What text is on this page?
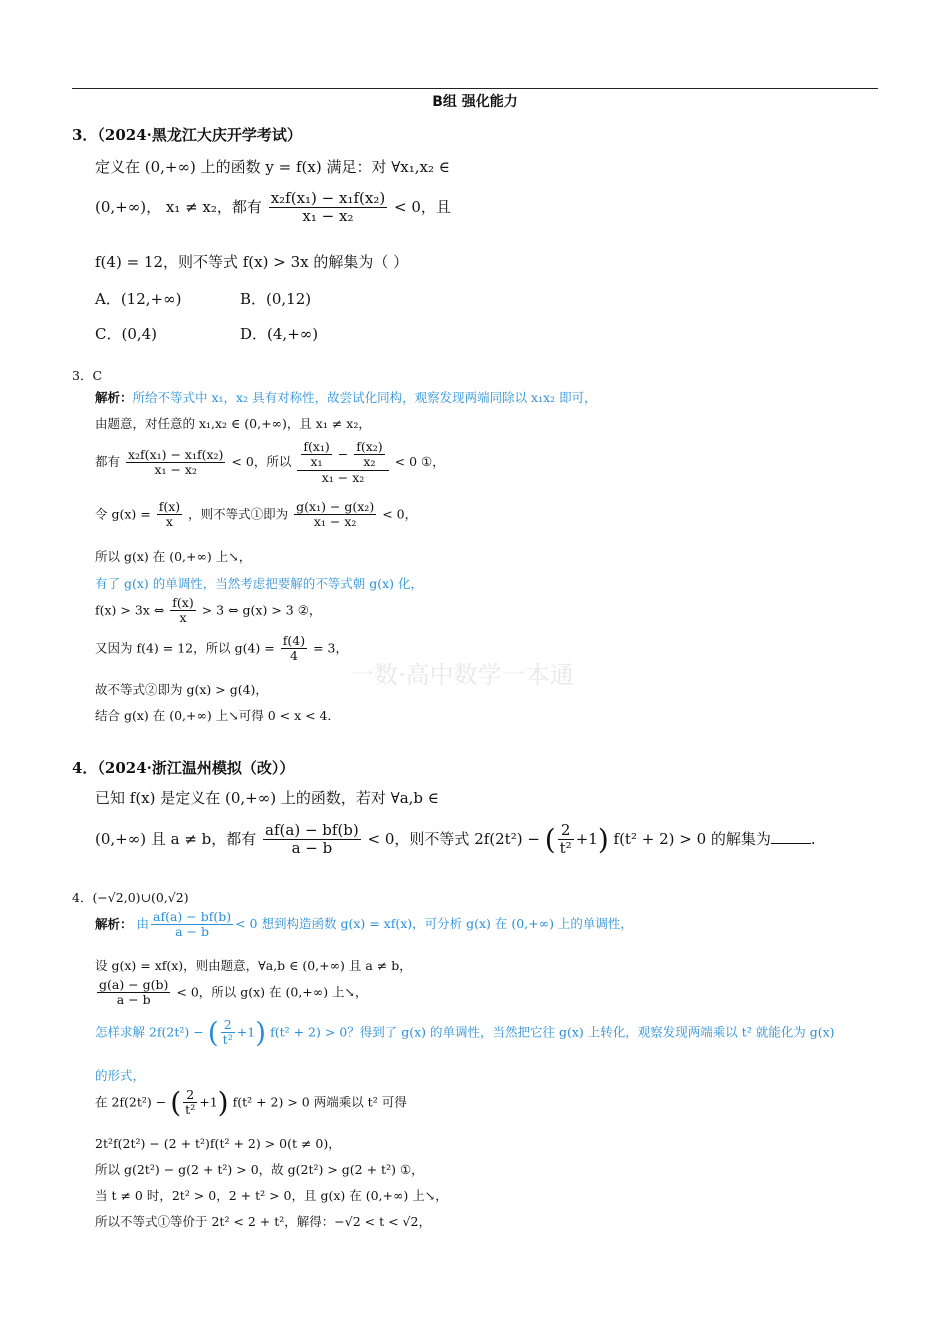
B组 强化能力
3．（2024·黑龙江大庆开学考试）
定义在 (0,+∞) 上的函数 y = f(x) 满足：对 ∀x₁,x₂ ∈
(0,+∞)， x₁ ≠ x₂，都有 $\frac{\text{x₂f(x₁) − x₁f(x₂)}}{\text{x₁ − x₂}} < 0$，且
f(4) = 12，则不等式 f(x) > 3x 的解集为（ ）
A．(12,+∞)	B．(0,12)
C．(0,4)	D．(4,+∞)
3．C
解析：所给不等式中 x₁，x₂ 具有对称性，故尝试化同构，观察发现两端同除以 x₁x₂ 即可，
由题意，对任意的 x₁,x₂ ∈ (0,+∞)，且 x₁ ≠ x₂，
都有 $\frac{\text{x₂f(x₁) − x₁f(x₂)}}{\text{x₁ − x₂}} < 0$，所以 $\frac{\frac{\text{f(x₁)}}{\text{x₁}} - \frac{\text{f(x₂)}}{\text{x₂}}}{\text{x₁ − x₂}} < 0$ ①，
令 $g(x) = \frac{f(x)}{x}$ ，则不等式①即为 $\frac{\text{g(x₁) − g(x₂)}}{\text{x₁ − x₂}} < 0$，
所以 g(x) 在 (0,+∞) 上↘，
有了 g(x) 的单调性，当然考虑把要解的不等式朝 g(x) 化，
f(x) > 3x ⇔ $\frac{f(x)}{x} > 3$ ⇔ g(x) > 3 ②，
又因为 f(4) = 12，所以 $g(4) = \frac{f(4)}{4} = 3$，
一数·高中数学一本通
故不等式②即为 g(x) > g(4)，
结合 g(x) 在 (0,+∞) 上↘可得 0 < x < 4．
4．（2024·浙江温州模拟（改））
已知 f(x) 是定义在 (0,+∞) 上的函数，若对 ∀a,b ∈
(0,+∞) 且 a ≠ b，都有 $\frac{af(a) - bf(b)}{a - b} < 0$，则不等式 2f(2t²) − ( $\frac{2}{\text{t²}} +1$) f(t² + 2) > 0 的解集为	.
4．(−√2,0)∪(0,√2)
解析： 由 $\frac{af(a) - bf(b)}{a - b} < 0$ 想到构造函数 g(x) = xf(x)，可分析 g(x) 在 (0,+∞) 上的单调性，
设 g(x) = xf(x)，则由题意，∀a,b ∈ (0,+∞) 且 a ≠ b，
$\frac{g(a) - g(b)}{a - b} < 0$，所以 g(x) 在 (0,+∞) 上↘，
怎样求解 2f(2t²) − ( $\frac{2}{\text{t²}} +1$) f(t² + 2) > 0？得到了 g(x) 的单调性，当然把它往 g(x) 上转化，观察发现两端乘以 t² 就能化为 g(x)
的形式，
在 2f(2t²) − ( $\frac{2}{\text{t²}} +1$) f(t² + 2) > 0 两端乘以 t² 可得
2t²f(2t²) − (2 + t²)f(t² + 2) > 0(t ≠ 0)，
所以 g(2t²) − g(2 + t²) > 0，故 g(2t²) > g(2 + t²) ①，
当 t ≠ 0 时，2t² > 0，2 + t² > 0，且 g(x) 在 (0,+∞) 上↘，
所以不等式①等价于 2t² < 2 + t²，解得：−√2 < t < √2，
